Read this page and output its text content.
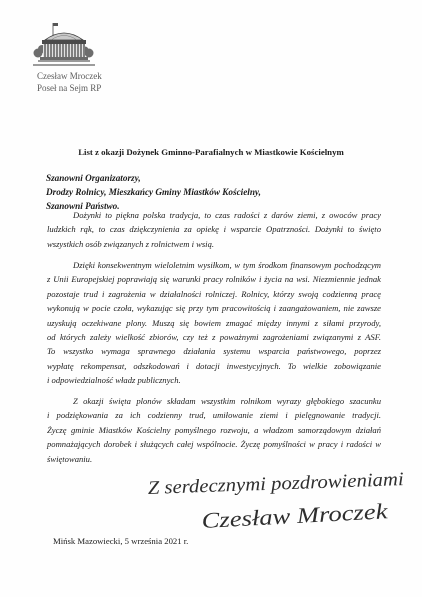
Czesław Mroczek
Poseł na Sejm RP
List z okazji Dożynek Gminno-Parafialnych w Miastkowie Kościelnym
Szanowni Organizatorzy,
Drodzy Rolnicy, Mieszkańcy Gminy Miastków Kościelny,
Szanowni Państwo.
Dożynki to piękna polska tradycja, to czas radości z darów ziemi, z owoców pracy
ludzkich rąk, to czas dziękczynienia za opiekę i wsparcie Opatrzności. Dożynki to święto
wszystkich osób związanych z rolnictwem i wsią.
Dzięki konsekwentnym wieloletnim wysiłkom, w tym środkom finansowym pochodzącym
z Unii Europejskiej poprawiają się warunki pracy rolników i życia na wsi. Niezmiennie jednak
pozostaje trud i zagrożenia w działalności rolniczej. Rolnicy, którzy swoją codzienną pracę
wykonują w pocie czoła, wykazując się przy tym pracowitością i zaangażowaniem, nie zawsze
uzyskują oczekiwane plony. Muszą się bowiem zmagać między innymi z siłami przyrody,
od których zależy wielkość zbiorów, czy też z poważnymi zagrożeniami związanymi z ASF.
To wszystko wymaga sprawnego działania systemu wsparcia państwowego, poprzez
wypłatę rekompensat, odszkodowań i dotacji inwestycyjnych. To wielkie zobowiązanie
i odpowiedzialność władz publicznych.
Z okazji święta plonów składam wszystkim rolnikom wyrazy głębokiego szacunku
i podziękowania za ich codzienny trud, umiłowanie ziemi i pielęgnowanie tradycji.
Życzę gminie Miastków Kościelny pomyślnego rozwoju, a władzom samorządowym działań
pomnażających dorobek i służących całej wspólnocie. Życzę pomyślności w pracy i radości w
świętowaniu.
Z serdecznymi pozdrowieniami
Czesław Mroczek
Mińsk Mazowiecki, 5 września 2021 r.
